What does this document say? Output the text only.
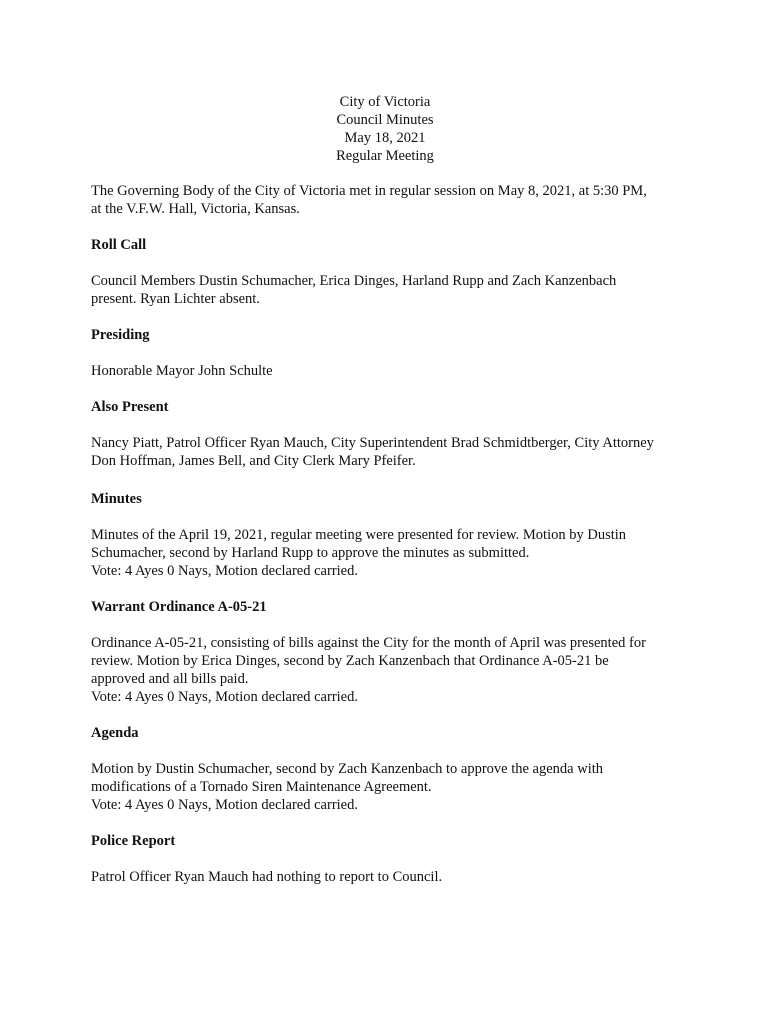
City of Victoria
Council Minutes
May 18, 2021
Regular Meeting
The Governing Body of the City of Victoria met in regular session on May 8, 2021, at 5:30 PM,
at the V.F.W. Hall, Victoria, Kansas.
Roll Call
Council Members Dustin Schumacher, Erica Dinges, Harland Rupp and Zach Kanzenbach
present. Ryan Lichter absent.
Presiding
Honorable Mayor John Schulte
Also Present
Nancy Piatt, Patrol Officer Ryan Mauch, City Superintendent Brad Schmidtberger, City Attorney
Don Hoffman, James Bell, and City Clerk Mary Pfeifer.
Minutes
Minutes of the April 19, 2021, regular meeting were presented for review. Motion by Dustin
Schumacher, second by Harland Rupp to approve the minutes as submitted.
Vote: 4 Ayes 0 Nays, Motion declared carried.
Warrant Ordinance A-05-21
Ordinance A-05-21, consisting of bills against the City for the month of April was presented for
review. Motion by Erica Dinges, second by Zach Kanzenbach that Ordinance A-05-21 be
approved and all bills paid.
Vote: 4 Ayes 0 Nays, Motion declared carried.
Agenda
Motion by Dustin Schumacher, second by Zach Kanzenbach to approve the agenda with
modifications of a Tornado Siren Maintenance Agreement.
Vote: 4 Ayes 0 Nays, Motion declared carried.
Police Report
Patrol Officer Ryan Mauch had nothing to report to Council.
